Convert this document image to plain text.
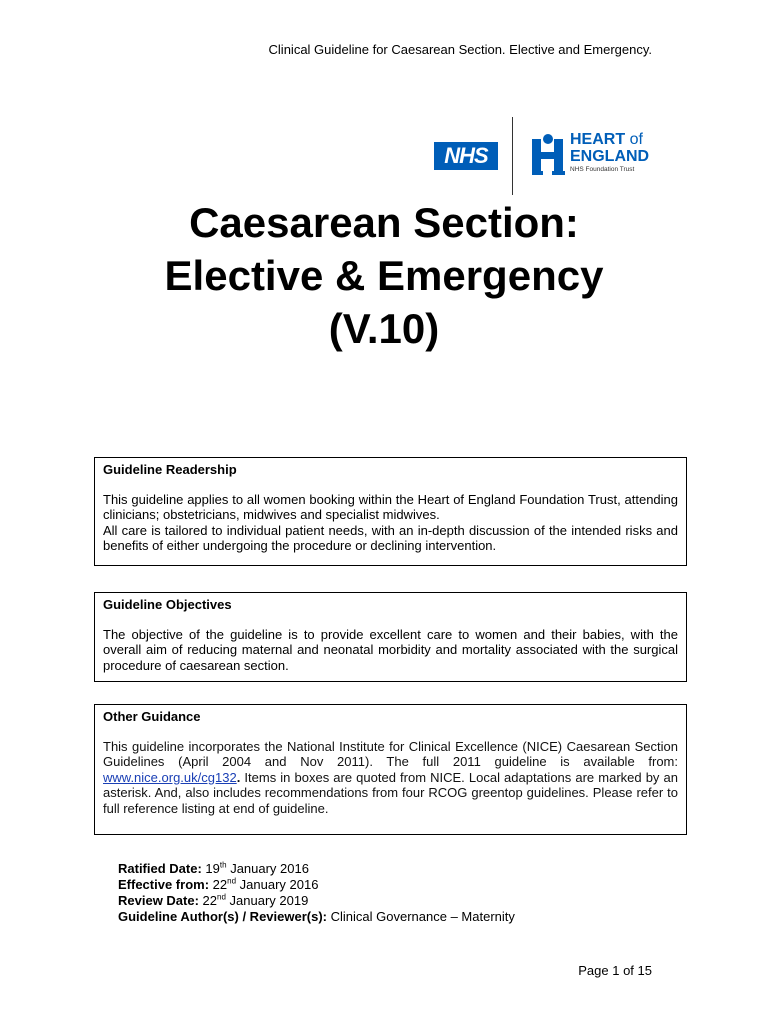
Clinical Guideline for Caesarean Section. Elective and Emergency.
NHS
HEART of
ENGLAND
NHS Foundation Trust
Caesarean Section:
Elective & Emergency
(V.10)
Guideline Readership

This guideline applies to all women booking within the Heart of England Foundation Trust, attending clinicians; obstetricians, midwives and specialist midwives.

All care is tailored to individual patient needs, with an in-depth discussion of the intended risks and benefits of either undergoing the procedure or declining intervention.

Guideline Objectives

The objective of the guideline is to provide excellent care to women and their babies, with the overall aim of reducing maternal and neonatal morbidity and mortality associated with the surgical procedure of caesarean section.

Other Guidance

This guideline incorporates the National Institute for Clinical Excellence (NICE) Caesarean Section Guidelines (April 2004 and Nov 2011). The full 2011 guideline is available from: www.nice.org.uk/cg132. Items in boxes are quoted from NICE. Local adaptations are marked by an asterisk. And, also includes recommendations from four RCOG greentop guidelines. Please refer to full reference listing at end of guideline.

Ratified Date: 19th January 2016
Effective from: 22nd January 2016
Review Date: 22nd January 2019
Guideline Author(s) / Reviewer(s): Clinical Governance – Maternity
Page 1 of 15
